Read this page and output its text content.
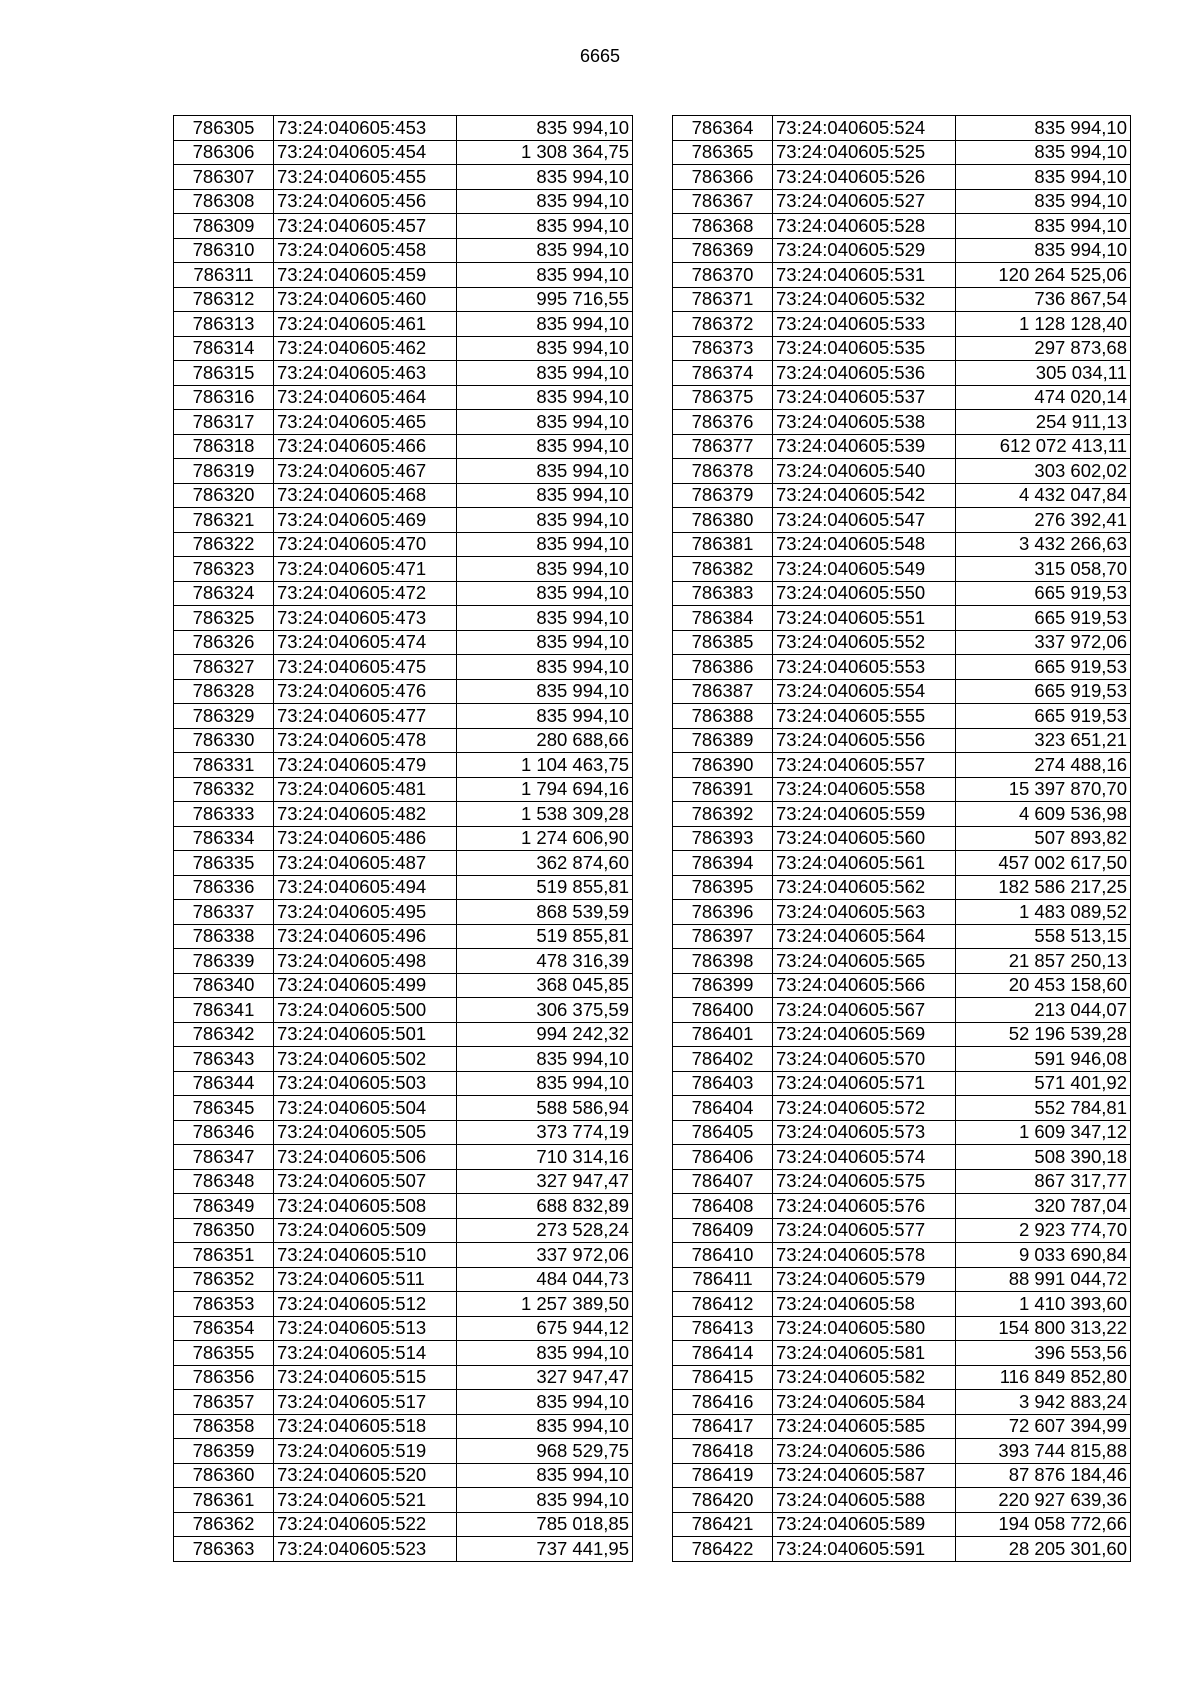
6665
786305	73:24:040605:453	835 994,10
786306	73:24:040605:454	1 308 364,75
786307	73:24:040605:455	835 994,10
786308	73:24:040605:456	835 994,10
786309	73:24:040605:457	835 994,10
786310	73:24:040605:458	835 994,10
786311	73:24:040605:459	835 994,10
786312	73:24:040605:460	995 716,55
786313	73:24:040605:461	835 994,10
786314	73:24:040605:462	835 994,10
786315	73:24:040605:463	835 994,10
786316	73:24:040605:464	835 994,10
786317	73:24:040605:465	835 994,10
786318	73:24:040605:466	835 994,10
786319	73:24:040605:467	835 994,10
786320	73:24:040605:468	835 994,10
786321	73:24:040605:469	835 994,10
786322	73:24:040605:470	835 994,10
786323	73:24:040605:471	835 994,10
786324	73:24:040605:472	835 994,10
786325	73:24:040605:473	835 994,10
786326	73:24:040605:474	835 994,10
786327	73:24:040605:475	835 994,10
786328	73:24:040605:476	835 994,10
786329	73:24:040605:477	835 994,10
786330	73:24:040605:478	280 688,66
786331	73:24:040605:479	1 104 463,75
786332	73:24:040605:481	1 794 694,16
786333	73:24:040605:482	1 538 309,28
786334	73:24:040605:486	1 274 606,90
786335	73:24:040605:487	362 874,60
786336	73:24:040605:494	519 855,81
786337	73:24:040605:495	868 539,59
786338	73:24:040605:496	519 855,81
786339	73:24:040605:498	478 316,39
786340	73:24:040605:499	368 045,85
786341	73:24:040605:500	306 375,59
786342	73:24:040605:501	994 242,32
786343	73:24:040605:502	835 994,10
786344	73:24:040605:503	835 994,10
786345	73:24:040605:504	588 586,94
786346	73:24:040605:505	373 774,19
786347	73:24:040605:506	710 314,16
786348	73:24:040605:507	327 947,47
786349	73:24:040605:508	688 832,89
786350	73:24:040605:509	273 528,24
786351	73:24:040605:510	337 972,06
786352	73:24:040605:511	484 044,73
786353	73:24:040605:512	1 257 389,50
786354	73:24:040605:513	675 944,12
786355	73:24:040605:514	835 994,10
786356	73:24:040605:515	327 947,47
786357	73:24:040605:517	835 994,10
786358	73:24:040605:518	835 994,10
786359	73:24:040605:519	968 529,75
786360	73:24:040605:520	835 994,10
786361	73:24:040605:521	835 994,10
786362	73:24:040605:522	785 018,85
786363	73:24:040605:523	737 441,95
786364	73:24:040605:524	835 994,10
786365	73:24:040605:525	835 994,10
786366	73:24:040605:526	835 994,10
786367	73:24:040605:527	835 994,10
786368	73:24:040605:528	835 994,10
786369	73:24:040605:529	835 994,10
786370	73:24:040605:531	120 264 525,06
786371	73:24:040605:532	736 867,54
786372	73:24:040605:533	1 128 128,40
786373	73:24:040605:535	297 873,68
786374	73:24:040605:536	305 034,11
786375	73:24:040605:537	474 020,14
786376	73:24:040605:538	254 911,13
786377	73:24:040605:539	612 072 413,11
786378	73:24:040605:540	303 602,02
786379	73:24:040605:542	4 432 047,84
786380	73:24:040605:547	276 392,41
786381	73:24:040605:548	3 432 266,63
786382	73:24:040605:549	315 058,70
786383	73:24:040605:550	665 919,53
786384	73:24:040605:551	665 919,53
786385	73:24:040605:552	337 972,06
786386	73:24:040605:553	665 919,53
786387	73:24:040605:554	665 919,53
786388	73:24:040605:555	665 919,53
786389	73:24:040605:556	323 651,21
786390	73:24:040605:557	274 488,16
786391	73:24:040605:558	15 397 870,70
786392	73:24:040605:559	4 609 536,98
786393	73:24:040605:560	507 893,82
786394	73:24:040605:561	457 002 617,50
786395	73:24:040605:562	182 586 217,25
786396	73:24:040605:563	1 483 089,52
786397	73:24:040605:564	558 513,15
786398	73:24:040605:565	21 857 250,13
786399	73:24:040605:566	20 453 158,60
786400	73:24:040605:567	213 044,07
786401	73:24:040605:569	52 196 539,28
786402	73:24:040605:570	591 946,08
786403	73:24:040605:571	571 401,92
786404	73:24:040605:572	552 784,81
786405	73:24:040605:573	1 609 347,12
786406	73:24:040605:574	508 390,18
786407	73:24:040605:575	867 317,77
786408	73:24:040605:576	320 787,04
786409	73:24:040605:577	2 923 774,70
786410	73:24:040605:578	9 033 690,84
786411	73:24:040605:579	88 991 044,72
786412	73:24:040605:58	1 410 393,60
786413	73:24:040605:580	154 800 313,22
786414	73:24:040605:581	396 553,56
786415	73:24:040605:582	116 849 852,80
786416	73:24:040605:584	3 942 883,24
786417	73:24:040605:585	72 607 394,99
786418	73:24:040605:586	393 744 815,88
786419	73:24:040605:587	87 876 184,46
786420	73:24:040605:588	220 927 639,36
786421	73:24:040605:589	194 058 772,66
786422	73:24:040605:591	28 205 301,60
